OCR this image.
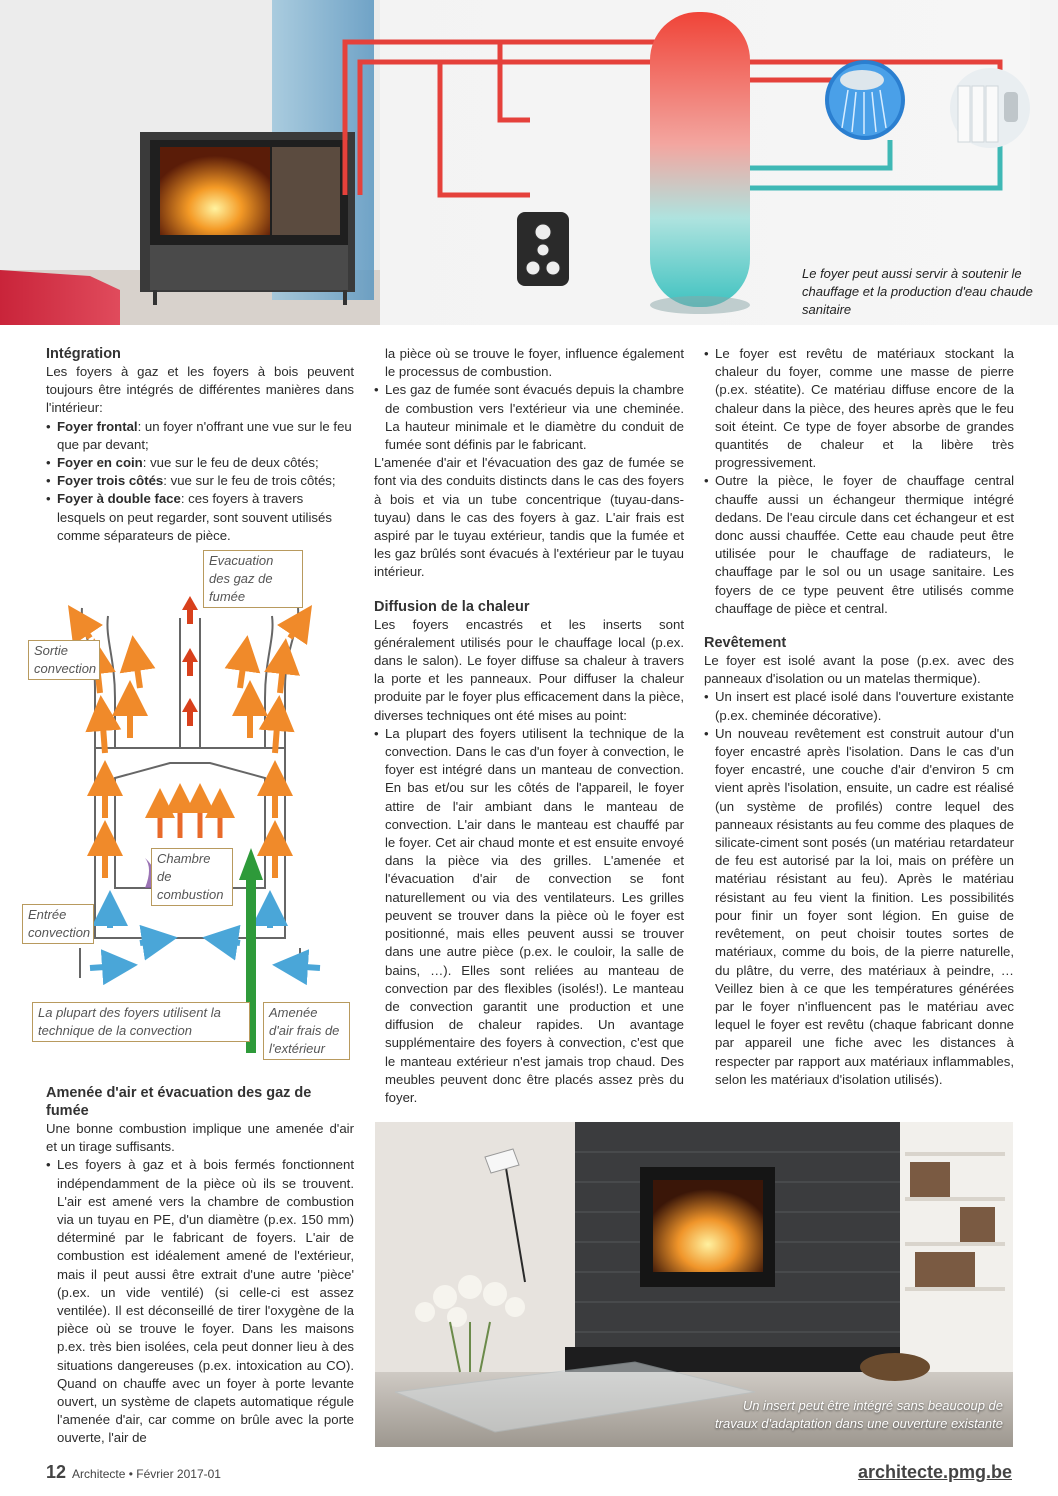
Le foyer peut aussi servir à soutenir le chauffage et la production d'eau chaude sanitaire
Intégration

Les foyers à gaz et les foyers à bois peuvent toujours être intégrés de différentes manières dans l'intérieur:

• Foyer frontal: un foyer n'offrant une vue sur le feu que par devant;
• Foyer en coin: vue sur le feu de deux côtés;
• Foyer trois côtés: vue sur le feu de trois côtés;
• Foyer à double face: ces foyers à travers lesquels on peut regarder, sont souvent utilisés comme séparateurs de pièce.
Evacuation des gaz de fumée
Sortie convection
Chambre de combustion
Entrée convection
La plupart des foyers utilisent la technique de la convection
Amenée d'air frais de l'extérieur
Amenée d'air et évacuation des gaz de fumée

Une bonne combustion implique une amenée d'air et un tirage suffisants.

• Les foyers à gaz et à bois fermés fonctionnent indépendamment de la pièce où ils se trouvent. L'air est amené vers la chambre de combustion via un tuyau en PE, d'un diamètre (p.ex. 150 mm) déterminé par le fabricant de foyers. L'air de combustion est idéalement amené de l'extérieur, mais il peut aussi être extrait d'une autre 'pièce' (p.ex. un vide ventilé) (si celle-ci est assez ventilée). Il est déconseillé de tirer l'oxygène de la pièce où se trouve le foyer. Dans les maisons p.ex. très bien isolées, cela peut donner lieu à des situations dangereuses (p.ex. intoxication au CO). Quand on chauffe avec un foyer à porte levante ouvert, un système de clapets automatique régule l'amenée d'air, car comme on brûle avec la porte ouverte, l'air de

la pièce où se trouve le foyer, influence également le processus de combustion.

• Les gaz de fumée sont évacués depuis la chambre de combustion vers l'extérieur via une cheminée. La hauteur minimale et le diamètre du conduit de fumée sont définis par le fabricant.

L'amenée d'air et l'évacuation des gaz de fumée se font via des conduits distincts dans le cas des foyers à bois et via un tube concentrique (tuyau-dans-tuyau) dans le cas des foyers à gaz. L'air frais est aspiré par le tuyau extérieur, tandis que la fumée et les gaz brûlés sont évacués à l'extérieur par le tuyau intérieur.

Diffusion de la chaleur

Les foyers encastrés et les inserts sont généralement utilisés pour le chauffage local (p.ex. dans le salon). Le foyer diffuse sa chaleur à travers la porte et les panneaux. Pour diffuser la chaleur produite par le foyer plus efficacement dans la pièce, diverses techniques ont été mises au point:

• La plupart des foyers utilisent la technique de la convection. Dans le cas d'un foyer à convection, le foyer est intégré dans un manteau de convection. En bas et/ou sur les côtés de l'appareil, le foyer attire de l'air ambiant dans le manteau de convection. L'air dans le manteau est chauffé par le foyer. Cet air chaud monte et est ensuite envoyé dans la pièce via des grilles. L'amenée et l'évacuation d'air de convection se font naturellement ou via des ventilateurs. Les grilles peuvent se trouver dans la pièce où le foyer est positionné, mais elles peuvent aussi se trouver dans une autre pièce (p.ex. le couloir, la salle de bains, …). Elles sont reliées au manteau de convection par des flexibles (isolés!). Le manteau de convection garantit une production et une diffusion de chaleur rapides. Un avantage supplémentaire des foyers à convection, c'est que le manteau extérieur n'est jamais trop chaud. Des meubles peuvent donc être placés assez près du foyer.
• Le foyer est revêtu de matériaux stockant la chaleur du foyer, comme une masse de pierre (p.ex. stéatite). Ce matériau diffuse encore de la chaleur dans la pièce, des heures après que le feu soit éteint. Ce type de foyer absorbe de grandes quantités de chaleur et la libère très progressivement.
• Outre la pièce, le foyer de chauffage central chauffe aussi un échangeur thermique intégré dedans. De l'eau circule dans cet échangeur et est donc aussi chauffée. Cette eau chaude peut être utilisée pour le chauffage de radiateurs, le chauffage par le sol ou un usage sanitaire. Les foyers de ce type peuvent être utilisés comme chauffage de pièce et central.
Revêtement

Le foyer est isolé avant la pose (p.ex. avec des panneaux d'isolation ou un matelas thermique).

• Un insert est placé isolé dans l'ouverture existante (p.ex. cheminée décorative).
• Un nouveau revêtement est construit autour d'un foyer encastré après l'isolation. Dans le cas d'un foyer encastré, une couche d'air d'environ 5 cm vient après l'isolation, ensuite, un cadre est réalisé (un système de profilés) contre lequel des panneaux résistants au feu comme des plaques de silicate-ciment sont posés (un matériau retardateur de feu est autorisé par la loi, mais on préfère un matériau résistant au feu). Après le matériau résistant au feu vient la finition. Les possibilités pour finir un foyer sont légion. En guise de revêtement, on peut choisir toutes sortes de matériaux, comme du bois, de la pierre naturelle, du plâtre, du verre, des matériaux à peindre, … Veillez bien à ce que les températures générées par le foyer n'influencent pas le matériau avec lequel le foyer est revêtu (chaque fabricant donne par appareil une fiche avec les distances à respecter par rapport aux matériaux inflammables, selon les matériaux d'isolation utilisés).
Un insert peut être intégré sans beaucoup de travaux d'adaptation dans une ouverture existante
12 Architecte • Février 2017-01	architecte.pmg.be
